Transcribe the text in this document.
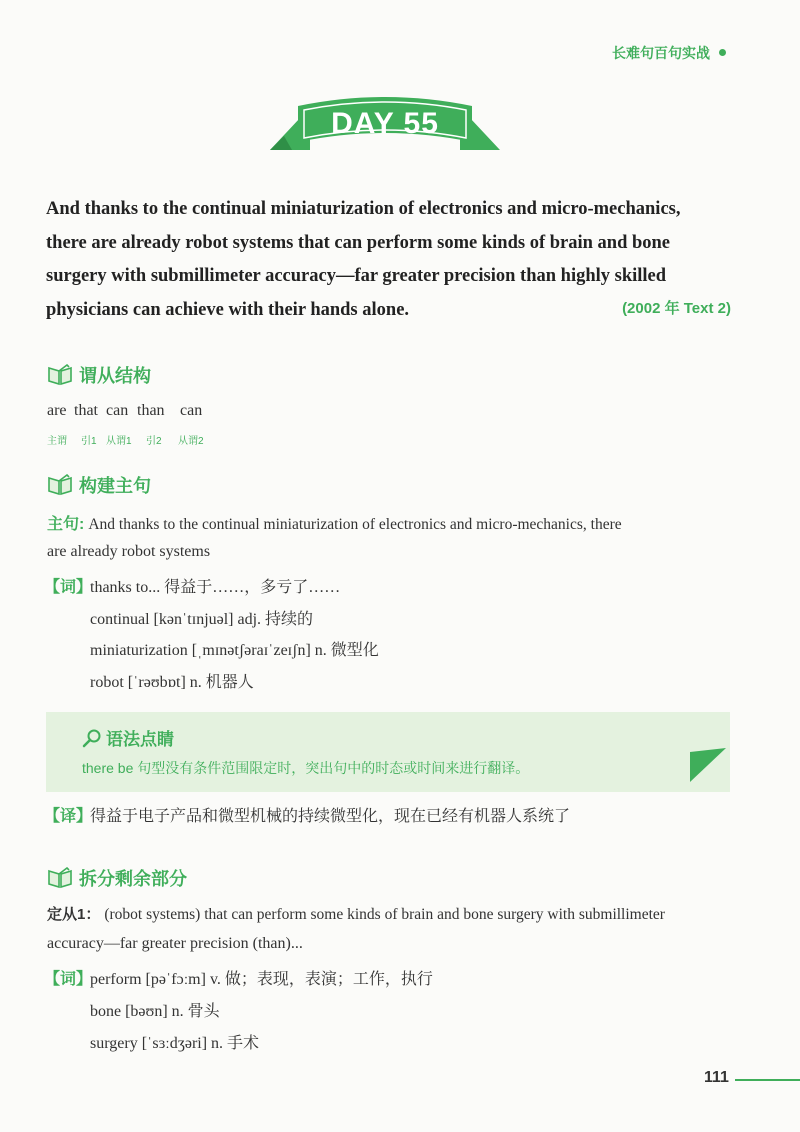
长难句百句实战
DAY 55
And thanks to the continual miniaturization of electronics and micro-mechanics,
there are already robot systems that can perform some kinds of brain and bone
surgery with submillimeter accuracy—far greater precision than highly skilled
physicians can achieve with their hands alone.	(2002 年 Text 2)
谓从结构
are that can than can
主谓 引1 从谓1 引2 从谓2
构建主句
主句: And thanks to the continual miniaturization of electronics and micro-mechanics, there
are already robot systems
【词】
thanks to... 得益于……，多亏了……
continual [kənˈtɪnjuəl] adj. 持续的
miniaturization [ˌmɪnətʃəraɪˈzeɪʃn] n. 微型化
robot [ˈrəʊbɒt] n. 机器人
语法点睛
there be 句型没有条件范围限定时，突出句中的时态或时间来进行翻译。
【译】
得益于电子产品和微型机械的持续微型化，现在已经有机器人系统了
拆分剩余部分
定从1： (robot systems) that can perform some kinds of brain and bone surgery with submillimeter
accuracy—far greater precision (than)...
【词】
perform [pəˈfɔːm] v. 做；表现，表演；工作，执行
bone [bəʊn] n. 骨头
surgery [ˈsɜːdʒəri] n. 手术
111
